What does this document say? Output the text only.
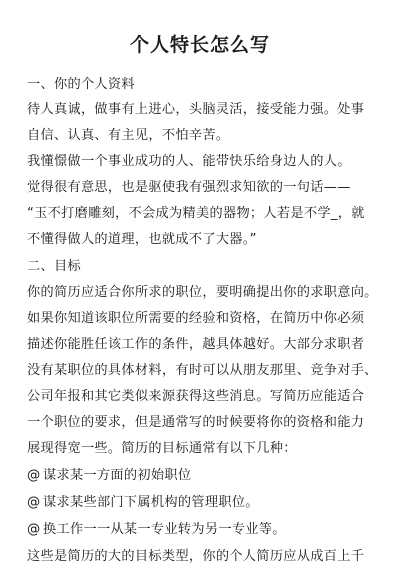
个人特长怎么写
一、你的个人资料
待人真诚，做事有上进心，头脑灵活，接受能力强。处事
自信、认真、有主见，不怕辛苦。
我懂憬做一个事业成功的人、能带快乐给身边人的人。
觉得很有意思，也是驱使我有强烈求知欲的一句话——
“玉不打磨雕刻，不会成为精美的器物；人若是不学_，就
不懂得做人的道理，也就成不了大器。”
二、目标
你的简历应适合你所求的职位，要明确提出你的求职意向。
如果你知道该职位所需要的经验和资格，在简历中你必须
描述你能胜任该工作的条件，越具体越好。大部分求职者
没有某职位的具体材料，有时可以从朋友那里、竞争对手、
公司年报和其它类似来源获得这些消息。写简历应能适合
一个职位的要求，但是通常写的时候要将你的资格和能力
展现得宽一些。简历的目标通常有以下几种：
@ 谋求某一方面的初始职位
@ 谋求某些部门下属机构的管理职位。
@ 换工作一一从某一专业转为另一专业等。
这些是简历的大的目标类型，你的个人简历应从成百上千
